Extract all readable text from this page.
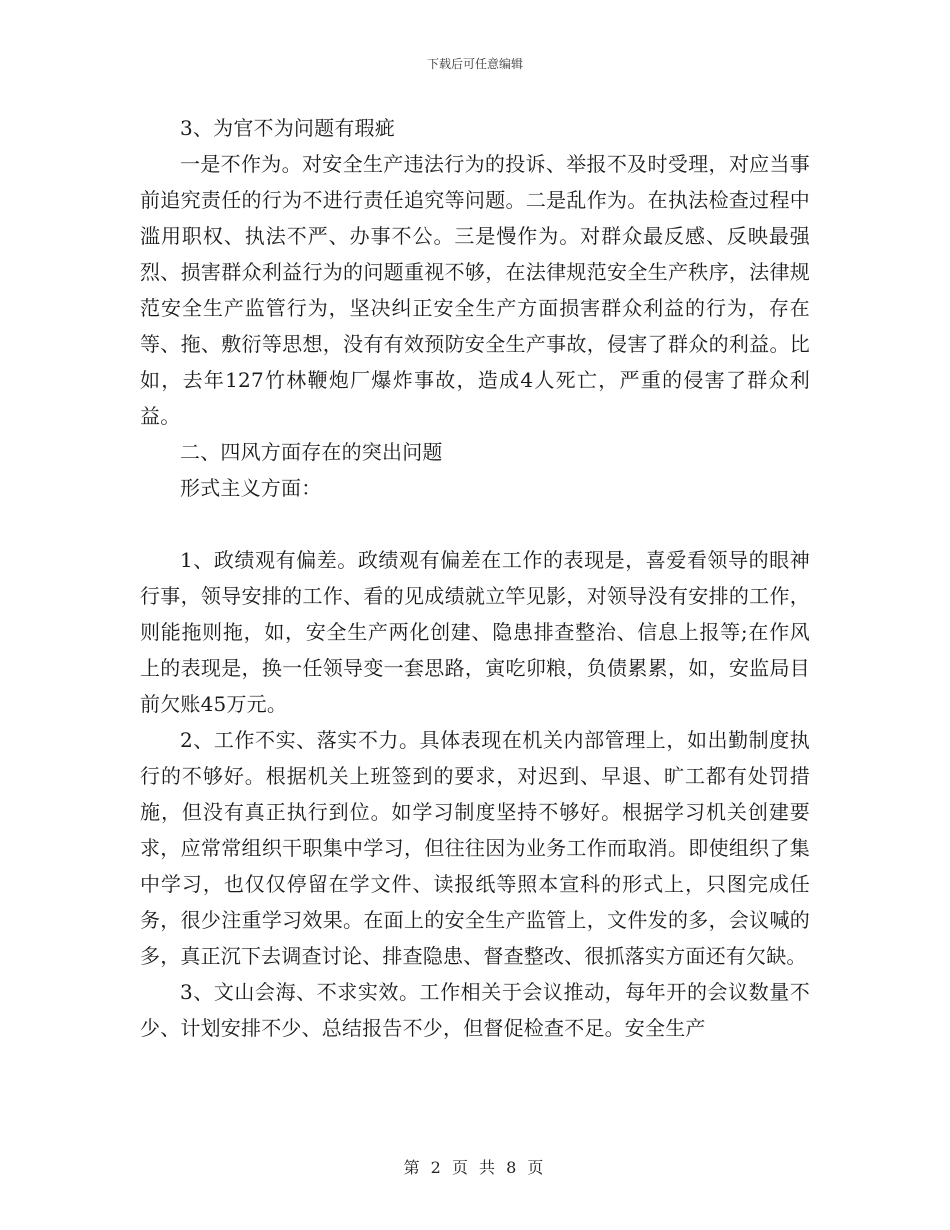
下载后可任意编辑

3、为官不为问题有瑕疵

一是不作为。对安全生产违法行为的投诉、举报不及时受理，对应当事前追究责任的行为不进行责任追究等问题。二是乱作为。在执法检查过程中滥用职权、执法不严、办事不公。三是慢作为。对群众最反感、反映最强烈、损害群众利益行为的问题重视不够，在法律规范安全生产秩序，法律规范安全生产监管行为，坚决纠正安全生产方面损害群众利益的行为，存在等、拖、敷衍等思想，没有有效预防安全生产事故，侵害了群众的利益。比如，去年127竹林鞭炮厂爆炸事故，造成4人死亡，严重的侵害了群众利益。

二、四风方面存在的突出问题

形式主义方面：

1、政绩观有偏差。政绩观有偏差在工作的表现是，喜爱看领导的眼神行事，领导安排的工作、看的见成绩就立竿见影，对领导没有安排的工作，则能拖则拖，如，安全生产两化创建、隐患排查整治、信息上报等;在作风上的表现是，换一任领导变一套思路，寅吃卯粮，负债累累，如，安监局目前欠账45万元。

2、工作不实、落实不力。具体表现在机关内部管理上，如出勤制度执行的不够好。根据机关上班签到的要求，对迟到、早退、旷工都有处罚措施，但没有真正执行到位。如学习制度坚持不够好。根据学习机关创建要求，应常常组织干职集中学习，但往往因为业务工作而取消。即使组织了集中学习，也仅仅停留在学文件、读报纸等照本宣科的形式上，只图完成任务，很少注重学习效果。在面上的安全生产监管上，文件发的多，会议喊的多，真正沉下去调查讨论、排查隐患、督查整改、很抓落实方面还有欠缺。

3、文山会海、不求实效。工作相关于会议推动，每年开的会议数量不少、计划安排不少、总结报告不少，但督促检查不足。安全生产

第 2 页 共 8 页
